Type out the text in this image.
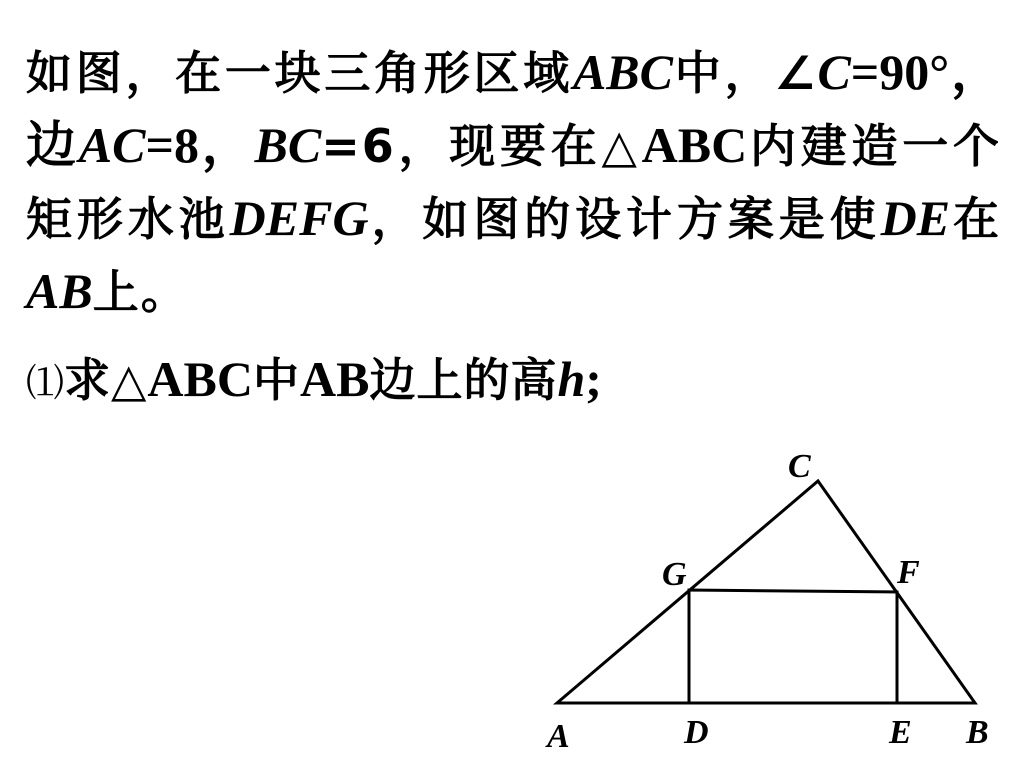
如图，在一块三角形区域ABC中，∠C=90°，边AC=8，BC=6，现要在△ABC内建造一个矩形水池DEFG，如图的设计方案是使DE在AB上。

⑴求△ABC中AB边上的高h;

A	B
C
D	E
F
G
